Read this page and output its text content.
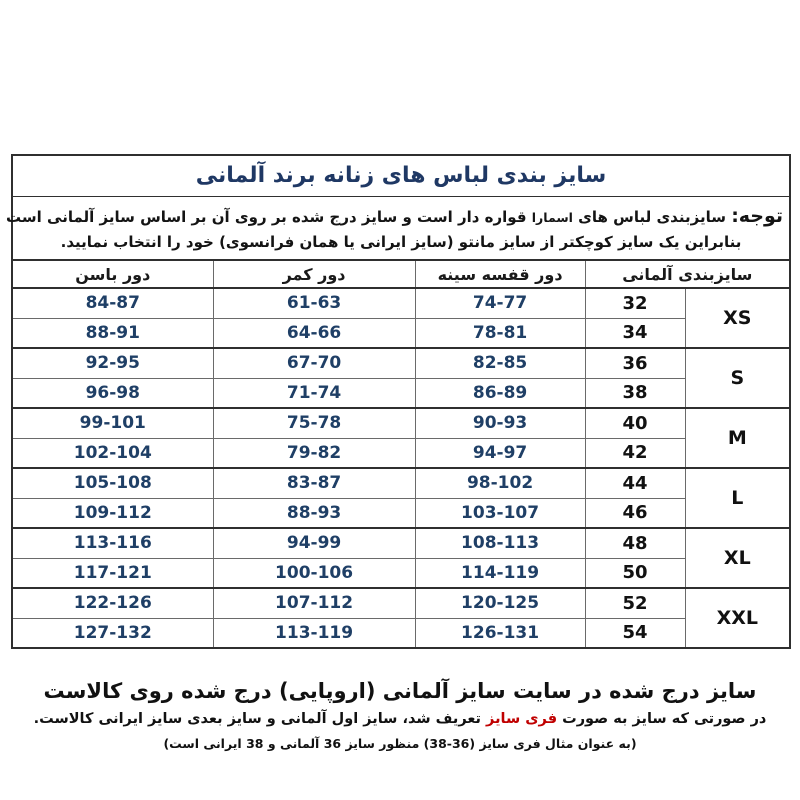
سایز بندی لباس های زنانه برند آلمانی				

توجه: سایزبندی لباس های اسمارا قواره دار است و سایز درج شده بر روی آن بر اساس سایز آلمانی است
بنابراین یک سایز کوچکتر از سایز مانتو (سایز ایرانی یا همان فرانسوی) خود را انتخاب نمایید.				

سایزبندی آلمانی		دور قفسه سینه	دور کمر	دور باسن
XS	32	74-77	61-63	84-87
	34	78-81	64-66	88-91
S	36	82-85	67-70	92-95
	38	86-89	71-74	96-98
M	40	90-93	75-78	99-101
	42	94-97	79-82	102-104
L	44	98-102	83-87	105-108
	46	103-107	88-93	109-112
XL	48	108-113	94-99	113-116
	50	114-119	100-106	117-121
XXL	52	120-125	107-112	122-126
	54	126-131	113-119	127-132
سایز درج شده در سایت سایز آلمانی (اروپایی) درج شده روی کالاست
در صورتی که سایز به صورت فری سایز تعریف شد، سایز اول آلمانی و سایز بعدی سایز ایرانی کالاست.
(به عنوان مثال فری سایز (36-38) منظور سایز 36 آلمانی و 38 ایرانی است)
